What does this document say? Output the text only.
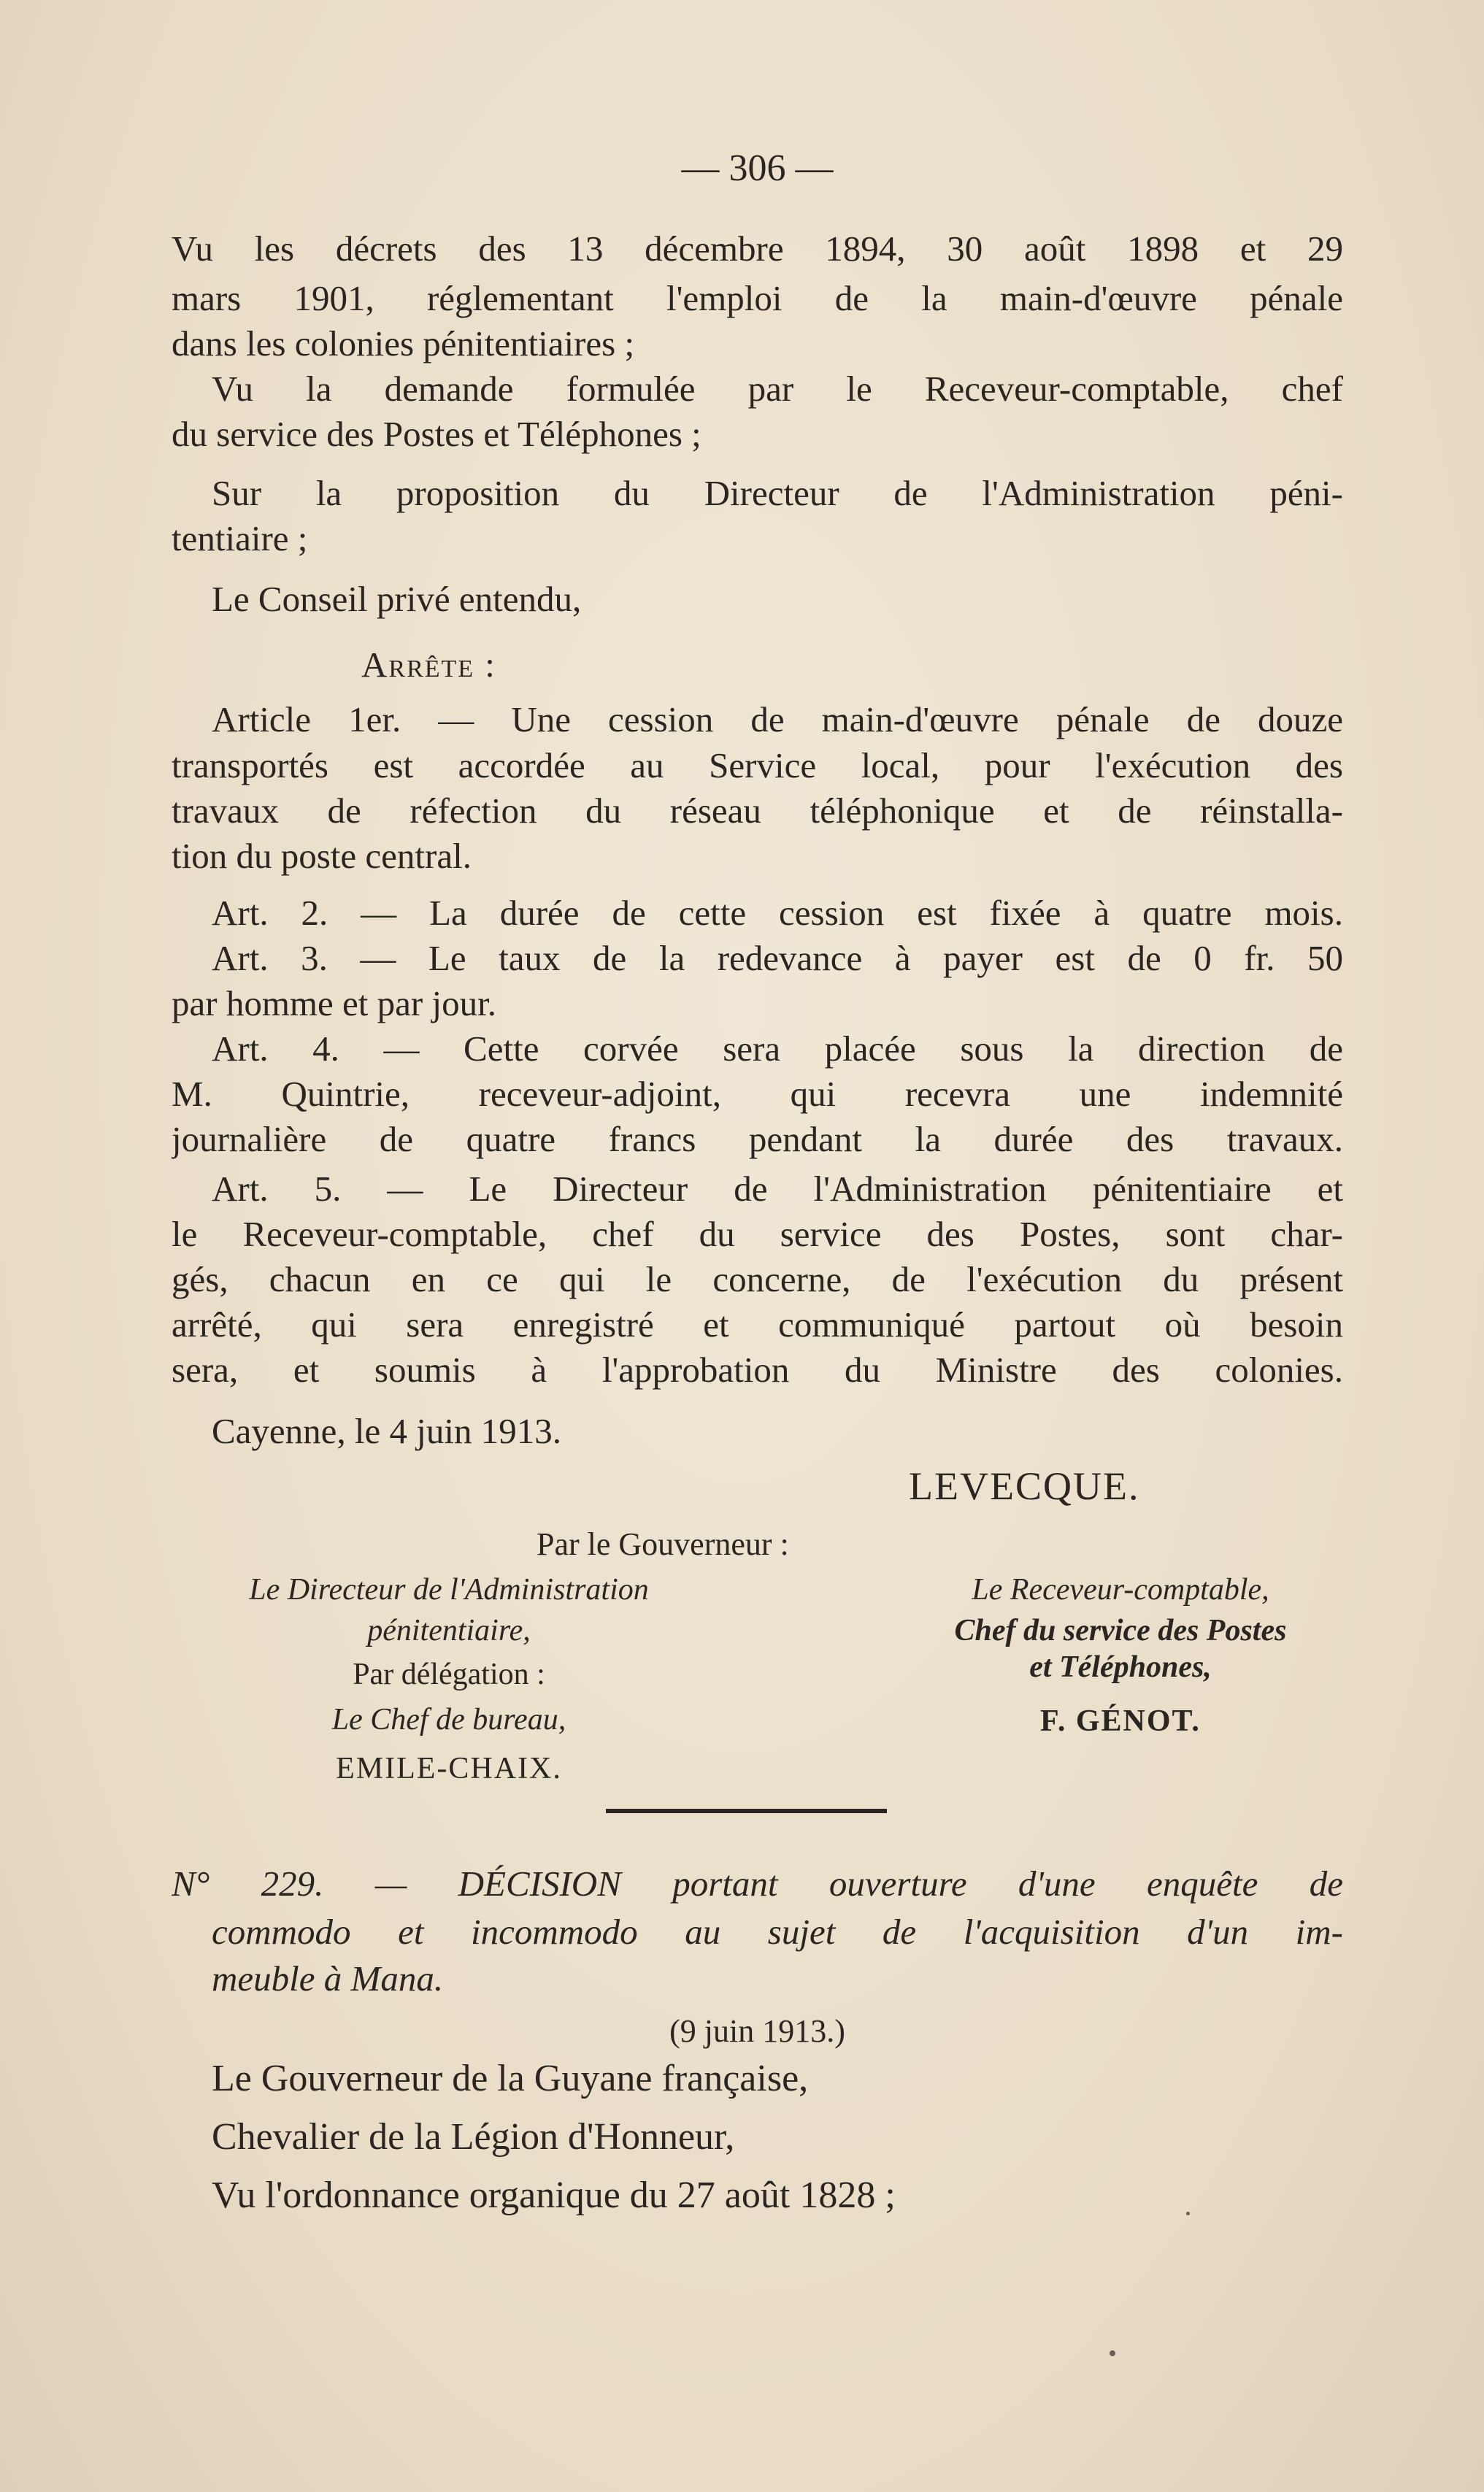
— 306 —
Vu les décrets des 13 décembre 1894, 30 août 1898 et 29
mars 1901, réglementant l'emploi de la main-d'œuvre pénale
dans les colonies pénitentiaires ;
Vu la demande formulée par le Receveur-comptable, chef
du service des Postes et Téléphones ;
Sur la proposition du Directeur de l'Administration péni-
tentiaire ;
Le Conseil privé entendu,
Arrête :
Article 1er. — Une cession de main-d'œuvre pénale de douze
transportés est accordée au Service local, pour l'exécution des
travaux de réfection du réseau téléphonique et de réinstalla-
tion du poste central.
Art. 2. — La durée de cette cession est fixée à quatre mois.
Art. 3. — Le taux de la redevance à payer est de 0 fr. 50
par homme et par jour.
Art. 4. — Cette corvée sera placée sous la direction de
M. Quintrie, receveur-adjoint, qui recevra une indemnité
journalière de quatre francs pendant la durée des travaux.
Art. 5. — Le Directeur de l'Administration pénitentiaire et
le Receveur-comptable, chef du service des Postes, sont char-
gés, chacun en ce qui le concerne, de l'exécution du présent
arrêté, qui sera enregistré et communiqué partout où besoin
sera, et soumis à l'approbation du Ministre des colonies.
Cayenne, le 4 juin 1913.
LEVECQUE.
Par le Gouverneur :
Le Directeur de l'Administration
pénitentiaire,
Par délégation :
Le Chef de bureau,
EMILE-CHAIX.
Le Receveur-comptable,
Chef du service des Postes
et Téléphones,
F. GÉNOT.
N° 229. — DÉCISION portant ouverture d'une enquête de
commodo et incommodo au sujet de l'acquisition d'un im-
meuble à Mana.
(9 juin 1913.)
Le Gouverneur de la Guyane française,
Chevalier de la Légion d'Honneur,
Vu l'ordonnance organique du 27 août 1828 ;
